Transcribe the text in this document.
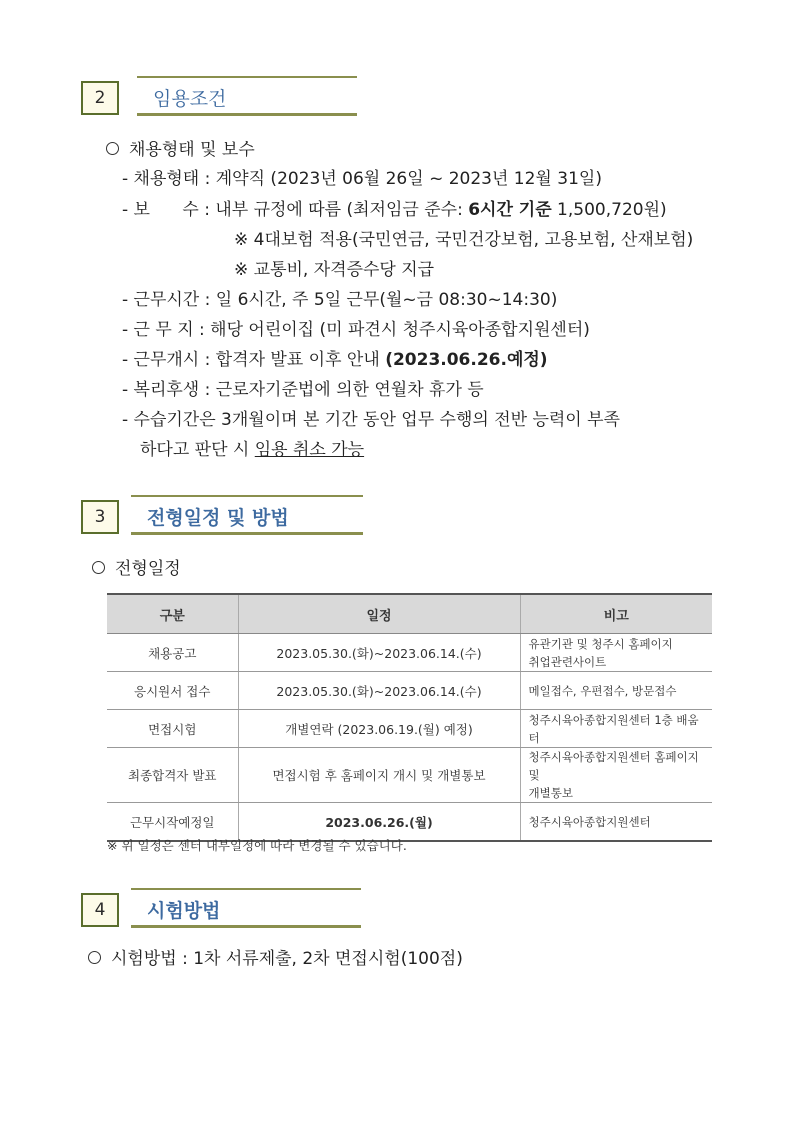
2	임용조건
채용형태 및 보수
- 채용형태 : 계약직 (2023년 06월 26일 ~ 2023년 12월 31일)
- 보      수 : 내부 규정에 따름 (최저임금 준수: 6시간 기준 1,500,720원)
※ 4대보험 적용(국민연금, 국민건강보험, 고용보험, 산재보험)
※ 교통비, 자격증수당 지급
- 근무시간 : 일 6시간, 주 5일 근무(월~금 08:30~14:30)
- 근 무 지 : 해당 어린이집 (미 파견시 청주시육아종합지원센터)
- 근무개시 : 합격자 발표 이후 안내 (2023.06.26.예정)
- 복리후생 : 근로자기준법에 의한 연월차 휴가 등
- 수습기간은 3개월이며 본 기간 동안 업무 수행의 전반 능력이 부족
하다고 판단 시 임용 취소 가능
3	전형일정 및 방법
전형일정
구분	일정	비고
채용공고	2023.05.30.(화)~2023.06.14.(수)	유관기관 및 청주시 홈페이지
취업관련사이트
응시원서 접수	2023.05.30.(화)~2023.06.14.(수)	메일접수, 우편접수, 방문접수
면접시험	개별연락 (2023.06.19.(월) 예정)	청주시육아종합지원센터 1층 배움터
최종합격자 발표	면접시험 후 홈페이지 개시 및 개별통보	청주시육아종합지원센터 홈페이지 및
개별통보
근무시작예정일	2023.06.26.(월)	청주시육아종합지원센터
※ 위 일정은 센터 내부일정에 따라 변경될 수 있습니다.
4	시험방법
시험방법 : 1차 서류제출, 2차 면접시험(100점)
